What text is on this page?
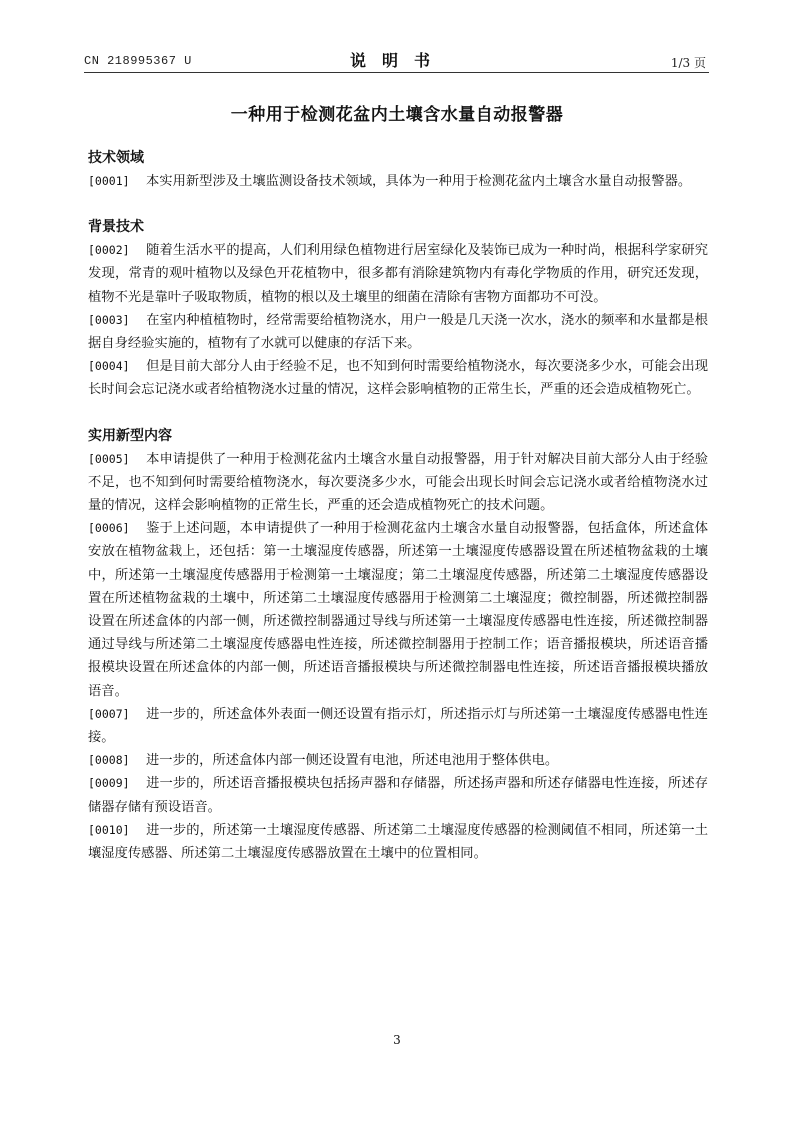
CN 218995367 U	说明书	1/3 页
一种用于检测花盆内土壤含水量自动报警器
技术领域

[0001] 本实用新型涉及土壤监测设备技术领域，具体为一种用于检测花盆内土壤含水量自动报警器。

背景技术

[0002] 随着生活水平的提高，人们利用绿色植物进行居室绿化及装饰已成为一种时尚，根据科学家研究发现，常青的观叶植物以及绿色开花植物中，很多都有消除建筑物内有毒化学物质的作用，研究还发现，植物不光是靠叶子吸取物质，植物的根以及土壤里的细菌在清除有害物方面都功不可没。

[0003] 在室内种植植物时，经常需要给植物浇水，用户一般是几天浇一次水，浇水的频率和水量都是根据自身经验实施的，植物有了水就可以健康的存活下来。

[0004] 但是目前大部分人由于经验不足，也不知到何时需要给植物浇水，每次要浇多少水，可能会出现长时间会忘记浇水或者给植物浇水过量的情况，这样会影响植物的正常生长，严重的还会造成植物死亡。

实用新型内容

[0005] 本申请提供了一种用于检测花盆内土壤含水量自动报警器，用于针对解决目前大部分人由于经验不足，也不知到何时需要给植物浇水，每次要浇多少水，可能会出现长时间会忘记浇水或者给植物浇水过量的情况，这样会影响植物的正常生长，严重的还会造成植物死亡的技术问题。

[0006] 鉴于上述问题，本申请提供了一种用于检测花盆内土壤含水量自动报警器，包括盒体，所述盒体安放在植物盆栽上，还包括：第一土壤湿度传感器，所述第一土壤湿度传感器设置在所述植物盆栽的土壤中，所述第一土壤湿度传感器用于检测第一土壤湿度；第二土壤湿度传感器，所述第二土壤湿度传感器设置在所述植物盆栽的土壤中，所述第二土壤湿度传感器用于检测第二土壤湿度；微控制器，所述微控制器设置在所述盒体的内部一侧，所述微控制器通过导线与所述第一土壤湿度传感器电性连接，所述微控制器通过导线与所述第二土壤湿度传感器电性连接，所述微控制器用于控制工作；语音播报模块，所述语音播报模块设置在所述盒体的内部一侧，所述语音播报模块与所述微控制器电性连接，所述语音播报模块播放语音。

[0007] 进一步的，所述盒体外表面一侧还设置有指示灯，所述指示灯与所述第一土壤湿度传感器电性连接。

[0008] 进一步的，所述盒体内部一侧还设置有电池，所述电池用于整体供电。

[0009] 进一步的，所述语音播报模块包括扬声器和存储器，所述扬声器和所述存储器电性连接，所述存储器存储有预设语音。

[0010] 进一步的，所述第一土壤湿度传感器、所述第二土壤湿度传感器的检测阈值不相同，所述第一土壤湿度传感器、所述第二土壤湿度传感器放置在土壤中的位置相同。

3
